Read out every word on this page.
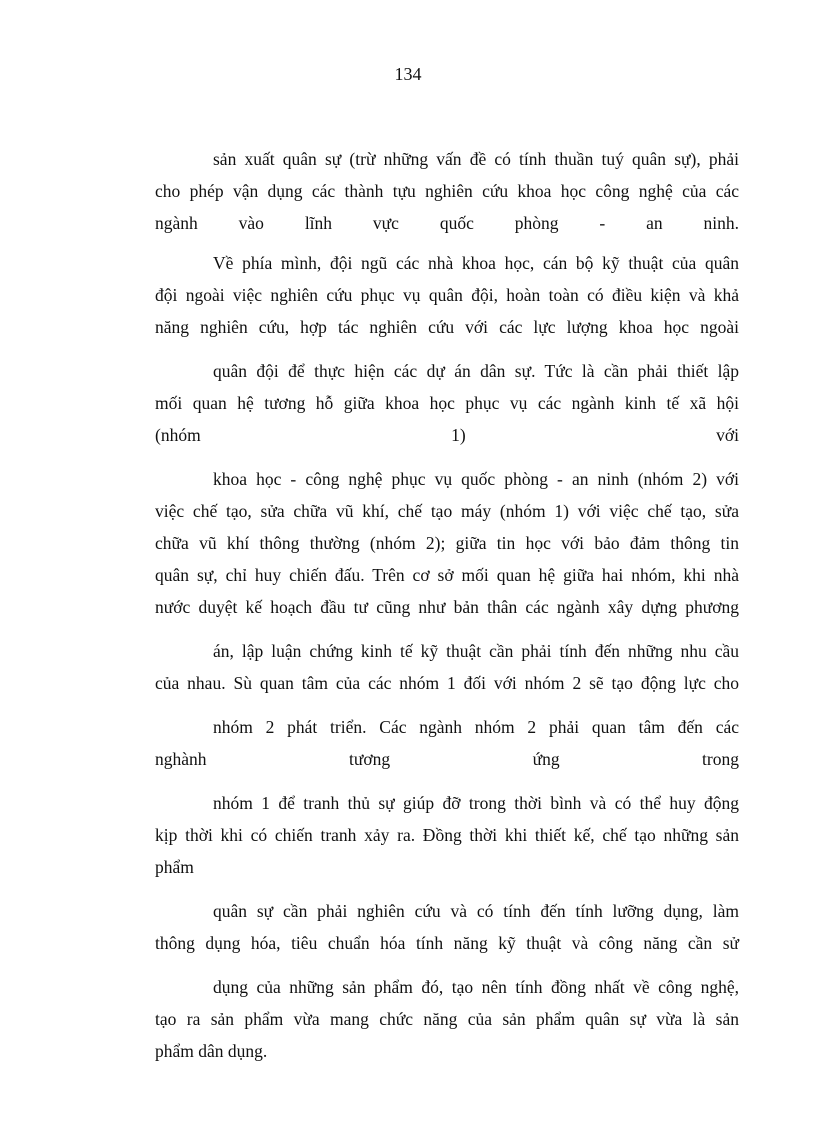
134
sản xuất quân sự (trừ những vấn đề có tính thuần tuý quân sự), phải
cho phép vận dụng các thành tựu nghiên cứu khoa học công nghệ của các
ngành vào lĩnh vực quốc phòng - an ninh.
Về phía mình, đội ngũ các nhà khoa học, cán bộ kỹ thuật của quân
đội ngoài việc nghiên cứu phục vụ quân đội, hoàn toàn có điều kiện và khả
năng nghiên cứu, hợp tác nghiên cứu với các lực lượng khoa học ngoài
quân đội để thực hiện các dự án dân sự. Tức là cần phải thiết lập
mối quan hệ tương hỗ giữa khoa học phục vụ các ngành kinh tế xã hội
(nhóm 1) với
khoa học - công nghệ phục vụ quốc phòng - an ninh (nhóm 2) với
việc chế tạo, sửa chữa vũ khí, chế tạo máy (nhóm 1) với việc chế tạo, sửa
chữa vũ khí thông thường (nhóm 2); giữa tin học với bảo đảm thông tin
quân sự, chỉ huy chiến đấu. Trên cơ sở mối quan hệ giữa hai nhóm, khi nhà
nước duyệt kế hoạch đầu tư cũng như bản thân các ngành xây dựng phương
án, lập luận chứng kinh tế kỹ thuật cần phải tính đến những nhu cầu
của nhau. Sù quan tâm của các nhóm 1 đối với nhóm 2 sẽ tạo động lực cho
nhóm 2 phát triển. Các ngành nhóm 2 phải quan tâm đến các
nghành tương ứng trong
nhóm 1 để tranh thủ sự giúp đỡ trong thời bình và có thể huy động
kịp thời khi có chiến tranh xảy ra. Đồng thời khi thiết kế, chế tạo những sản
phẩm
quân sự cần phải nghiên cứu và có tính đến tính lưỡng dụng, làm
thông dụng hóa, tiêu chuẩn hóa tính năng kỹ thuật và công năng cần sử
dụng của những sản phẩm đó, tạo nên tính đồng nhất về công nghệ,
tạo ra sản phẩm vừa mang chức năng của sản phẩm quân sự vừa là sản
phẩm dân dụng.
